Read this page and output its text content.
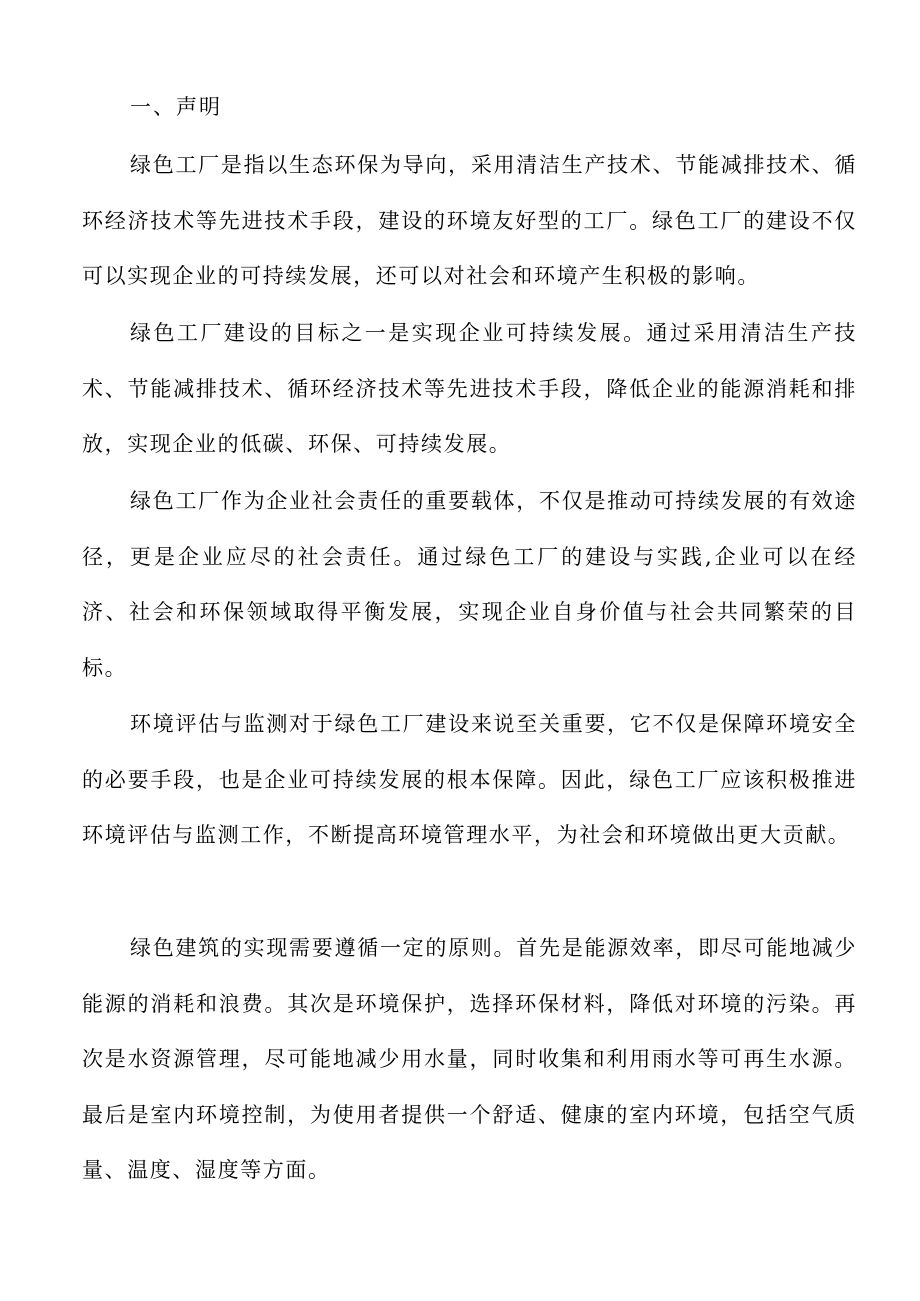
一、声明

绿色工厂是指以生态环保为导向，采用清洁生产技术、节能减排技术、循环经济技术等先进技术手段，建设的环境友好型的工厂。绿色工厂的建设不仅可以实现企业的可持续发展，还可以对社会和环境产生积极的影响。

绿色工厂建设的目标之一是实现企业可持续发展。通过采用清洁生产技术、节能减排技术、循环经济技术等先进技术手段，降低企业的能源消耗和排放，实现企业的低碳、环保、可持续发展。

绿色工厂作为企业社会责任的重要载体，不仅是推动可持续发展的有效途径，更是企业应尽的社会责任。通过绿色工厂的建设与实践,企业可以在经济、社会和环保领域取得平衡发展，实现企业自身价值与社会共同繁荣的目标。

环境评估与监测对于绿色工厂建设来说至关重要，它不仅是保障环境安全的必要手段，也是企业可持续发展的根本保障。因此，绿色工厂应该积极推进环境评估与监测工作，不断提高环境管理水平，为社会和环境做出更大贡献。

绿色建筑的实现需要遵循一定的原则。首先是能源效率，即尽可能地减少能源的消耗和浪费。其次是环境保护，选择环保材料，降低对环境的污染。再次是水资源管理，尽可能地减少用水量，同时收集和利用雨水等可再生水源。最后是室内环境控制，为使用者提供一个舒适、健康的室内环境，包括空气质量、温度、湿度等方面。
